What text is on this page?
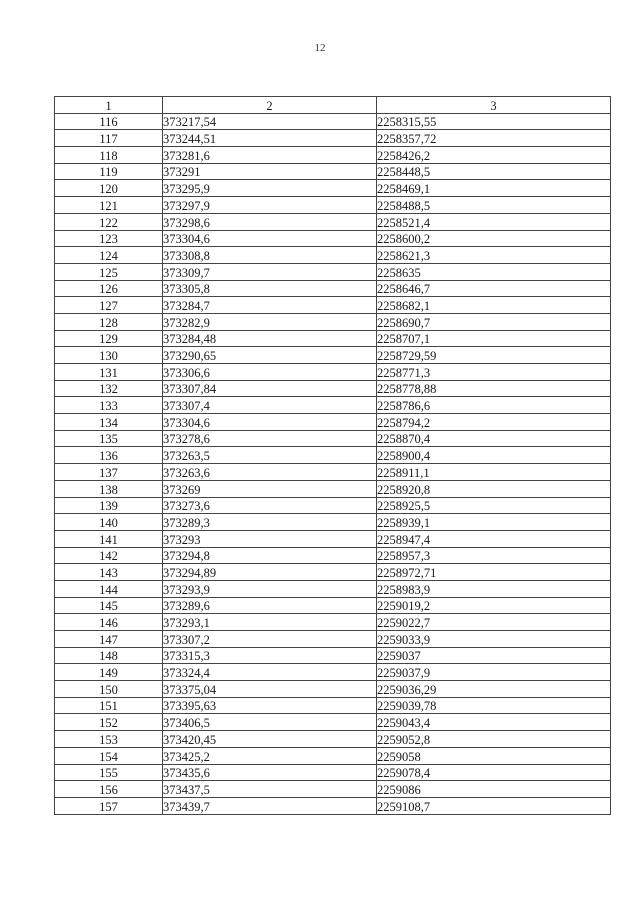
12
1	2	3
116	373217,54	2258315,55
117	373244,51	2258357,72
118	373281,6	2258426,2
119	373291	2258448,5
120	373295,9	2258469,1
121	373297,9	2258488,5
122	373298,6	2258521,4
123	373304,6	2258600,2
124	373308,8	2258621,3
125	373309,7	2258635
126	373305,8	2258646,7
127	373284,7	2258682,1
128	373282,9	2258690,7
129	373284,48	2258707,1
130	373290,65	2258729,59
131	373306,6	2258771,3
132	373307,84	2258778,88
133	373307,4	2258786,6
134	373304,6	2258794,2
135	373278,6	2258870,4
136	373263,5	2258900,4
137	373263,6	2258911,1
138	373269	2258920,8
139	373273,6	2258925,5
140	373289,3	2258939,1
141	373293	2258947,4
142	373294,8	2258957,3
143	373294,89	2258972,71
144	373293,9	2258983,9
145	373289,6	2259019,2
146	373293,1	2259022,7
147	373307,2	2259033,9
148	373315,3	2259037
149	373324,4	2259037,9
150	373375,04	2259036,29
151	373395,63	2259039,78
152	373406,5	2259043,4
153	373420,45	2259052,8
154	373425,2	2259058
155	373435,6	2259078,4
156	373437,5	2259086
157	373439,7	2259108,7
